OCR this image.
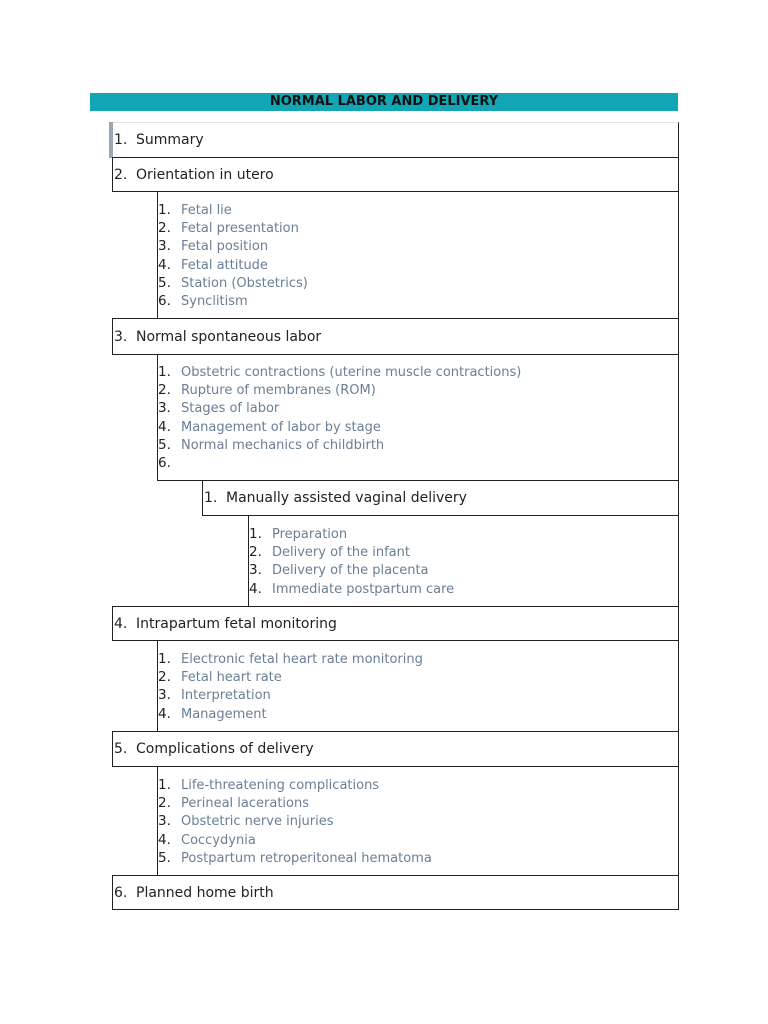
NORMAL LABOR AND DELIVERY
1. Summary
2. Orientation in utero
1. Fetal lie
2. Fetal presentation
3. Fetal position
4. Fetal attitude
5. Station (Obstetrics)
6. Synclitism
3. Normal spontaneous labor
1. Obstetric contractions (uterine muscle contractions)
2. Rupture of membranes (ROM)
3. Stages of labor
4. Management of labor by stage
5. Normal mechanics of childbirth
6.
1. Manually assisted vaginal delivery
1. Preparation
2. Delivery of the infant
3. Delivery of the placenta
4. Immediate postpartum care
4. Intrapartum fetal monitoring
1. Electronic fetal heart rate monitoring
2. Fetal heart rate
3. Interpretation
4. Management
5. Complications of delivery
1. Life-threatening complications
2. Perineal lacerations
3. Obstetric nerve injuries
4. Coccydynia
5. Postpartum retroperitoneal hematoma
6. Planned home birth
